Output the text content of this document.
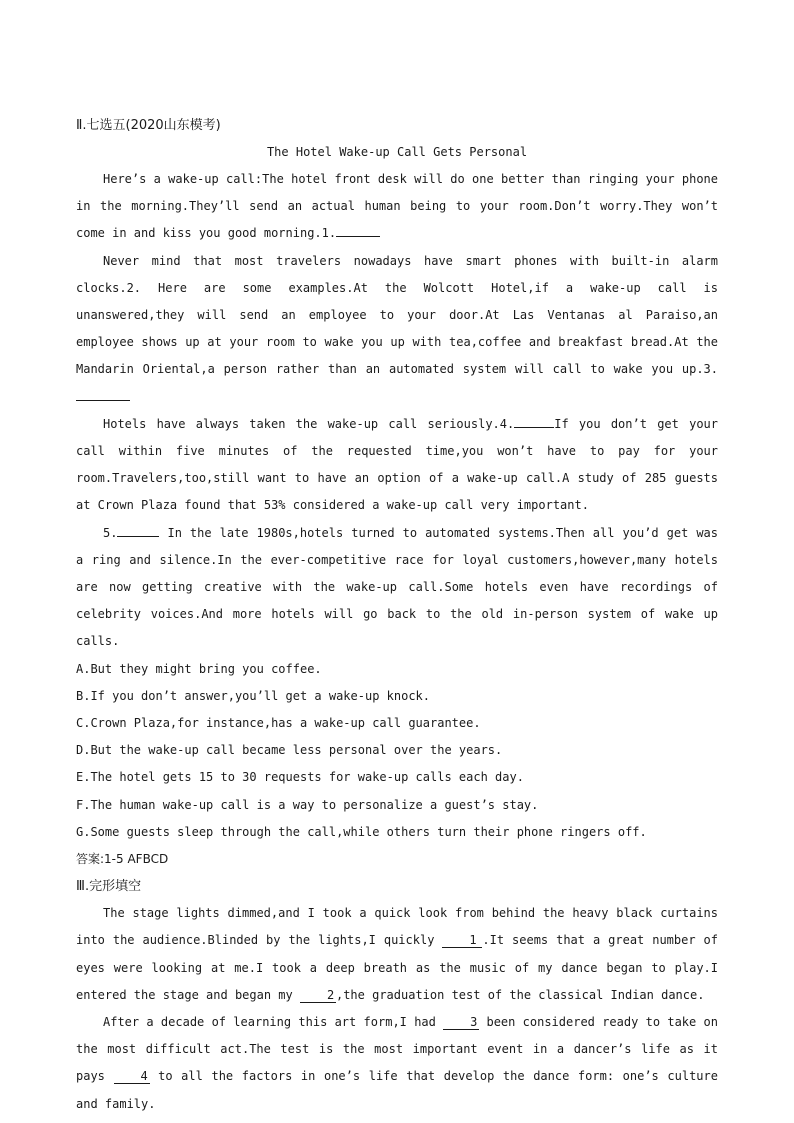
Ⅱ.七选五(2020山东模考)
The Hotel Wake-up Call Gets Personal

Here’s a wake-up call:The hotel front desk will do one better than ringing your phone in the morning.They’ll send an actual human being to your room.Don’t worry.They won’t come in and kiss you good morning.1.

Never mind that most travelers nowadays have smart phones with built-in alarm clocks.2. Here are some examples.At the Wolcott Hotel,if a wake-up call is unanswered,they will send an employee to your door.At Las Ventanas al Paraiso,an employee shows up at your room to wake you up with tea,coffee and breakfast bread.At the Mandarin Oriental,a person rather than an automated system will call to wake you up.3.

Hotels have always taken the wake-up call seriously.4.	If you don’t get your call within five minutes of the requested time,you won’t have to pay for your room.Travelers,too,still want to have an option of a wake-up call.A study of 285 guests at Crown Plaza found that 53% considered a wake-up call very important.

5.	In the late 1980s,hotels turned to automated systems.Then all you’d get was a ring and silence.In the ever-competitive race for loyal customers,however,many hotels are now getting creative with the wake-up call.Some hotels even have recordings of celebrity voices.And more hotels will go back to the old in-person system of wake up calls.

A.But they might bring you coffee.
B.If you don’t answer,you’ll get a wake-up knock.
C.Crown Plaza,for instance,has a wake-up call guarantee.
D.But the wake-up call became less personal over the years.
E.The hotel gets 15 to 30 requests for wake-up calls each day.
F.The human wake-up call is a way to personalize a guest’s stay.
G.Some guests sleep through the call,while others turn their phone ringers off.
答案:1-5 AFBCD
Ⅲ.完形填空

The stage lights dimmed,and I took a quick look from behind the heavy black curtains into the audience.Blinded by the lights,I quickly	1 .It seems that a great number of eyes were looking at me.I took a deep breath as the music of my dance began to play.I entered the stage and began my	2 ,the graduation test of the classical Indian dance.

After a decade of learning this art form,I had	3 been considered ready to take on the most difficult act.The test is the most important event in a dancer’s life as it pays	4 to all the factors in one’s life that develop the dance form: one’s culture and family.
